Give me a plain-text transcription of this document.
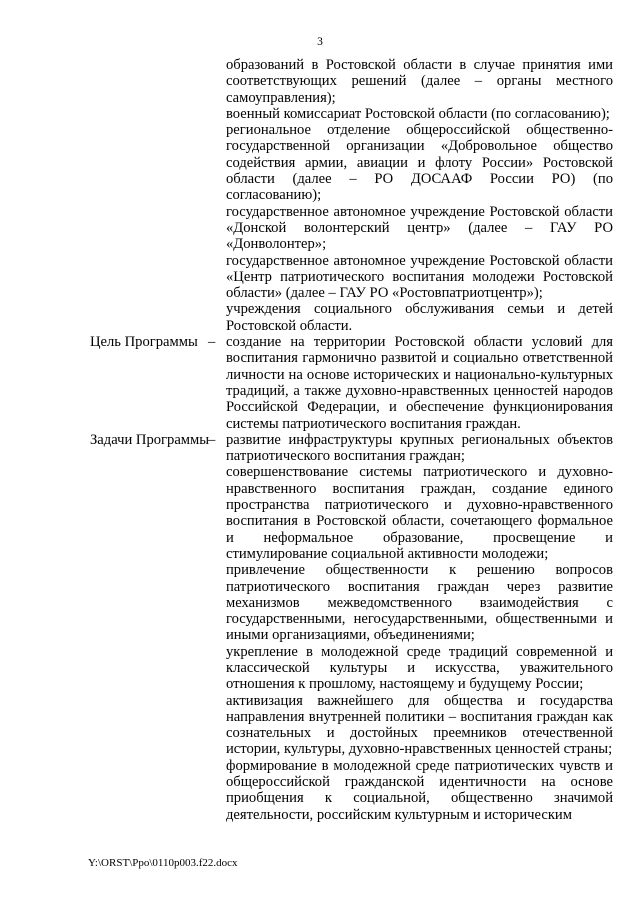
3
образований в Ростовской области в случае принятия ими соответствующих решений (далее – органы местного самоуправления);
военный комиссариат Ростовской области (по согласованию);
региональное отделение общероссийской общественно-государственной организации «Добровольное общество содействия армии, авиации и флоту России» Ростовской области (далее – РО ДОСААФ России РО) (по согласованию);
государственное автономное учреждение Ростовской области «Донской волонтерский центр» (далее – ГАУ РО «Донволонтер»;
государственное автономное учреждение Ростовской области «Центр патриотического воспитания молодежи Ростовской области» (далее – ГАУ РО «Ростовпатриотцентр»);
учреждения социального обслуживания семьи и детей Ростовской области.
Цель Программы – создание на территории Ростовской области условий для воспитания гармонично развитой и социально ответственной личности на основе исторических и национально-культурных традиций, а также духовно-нравственных ценностей народов Российской Федерации, и обеспечение функционирования системы патриотического воспитания граждан.
Задачи Программы
– развитие инфраструктуры крупных региональных объектов патриотического воспитания граждан;
совершенствование системы патриотического и духовно-нравственного воспитания граждан, создание единого пространства патриотического и духовно-нравственного воспитания в Ростовской области, сочетающего формальное и неформальное образование, просвещение и стимулирование социальной активности молодежи;
привлечение общественности к решению вопросов патриотического воспитания граждан через развитие механизмов межведомственного взаимодействия с государственными, негосударственными, общественными и иными организациями, объединениями;
укрепление в молодежной среде традиций современной и классической культуры и искусства, уважительного отношения к прошлому, настоящему и будущему России;
активизация важнейшего для общества и государства направления внутренней политики – воспитания граждан как сознательных и достойных преемников отечественной истории, культуры, духовно-нравственных ценностей страны;
формирование в молодежной среде патриотических чувств и общероссийской гражданской идентичности на основе приобщения к социальной, общественно значимой деятельности, российским культурным и историческим
Y:\ORST\Ppo\0110p003.f22.docx
